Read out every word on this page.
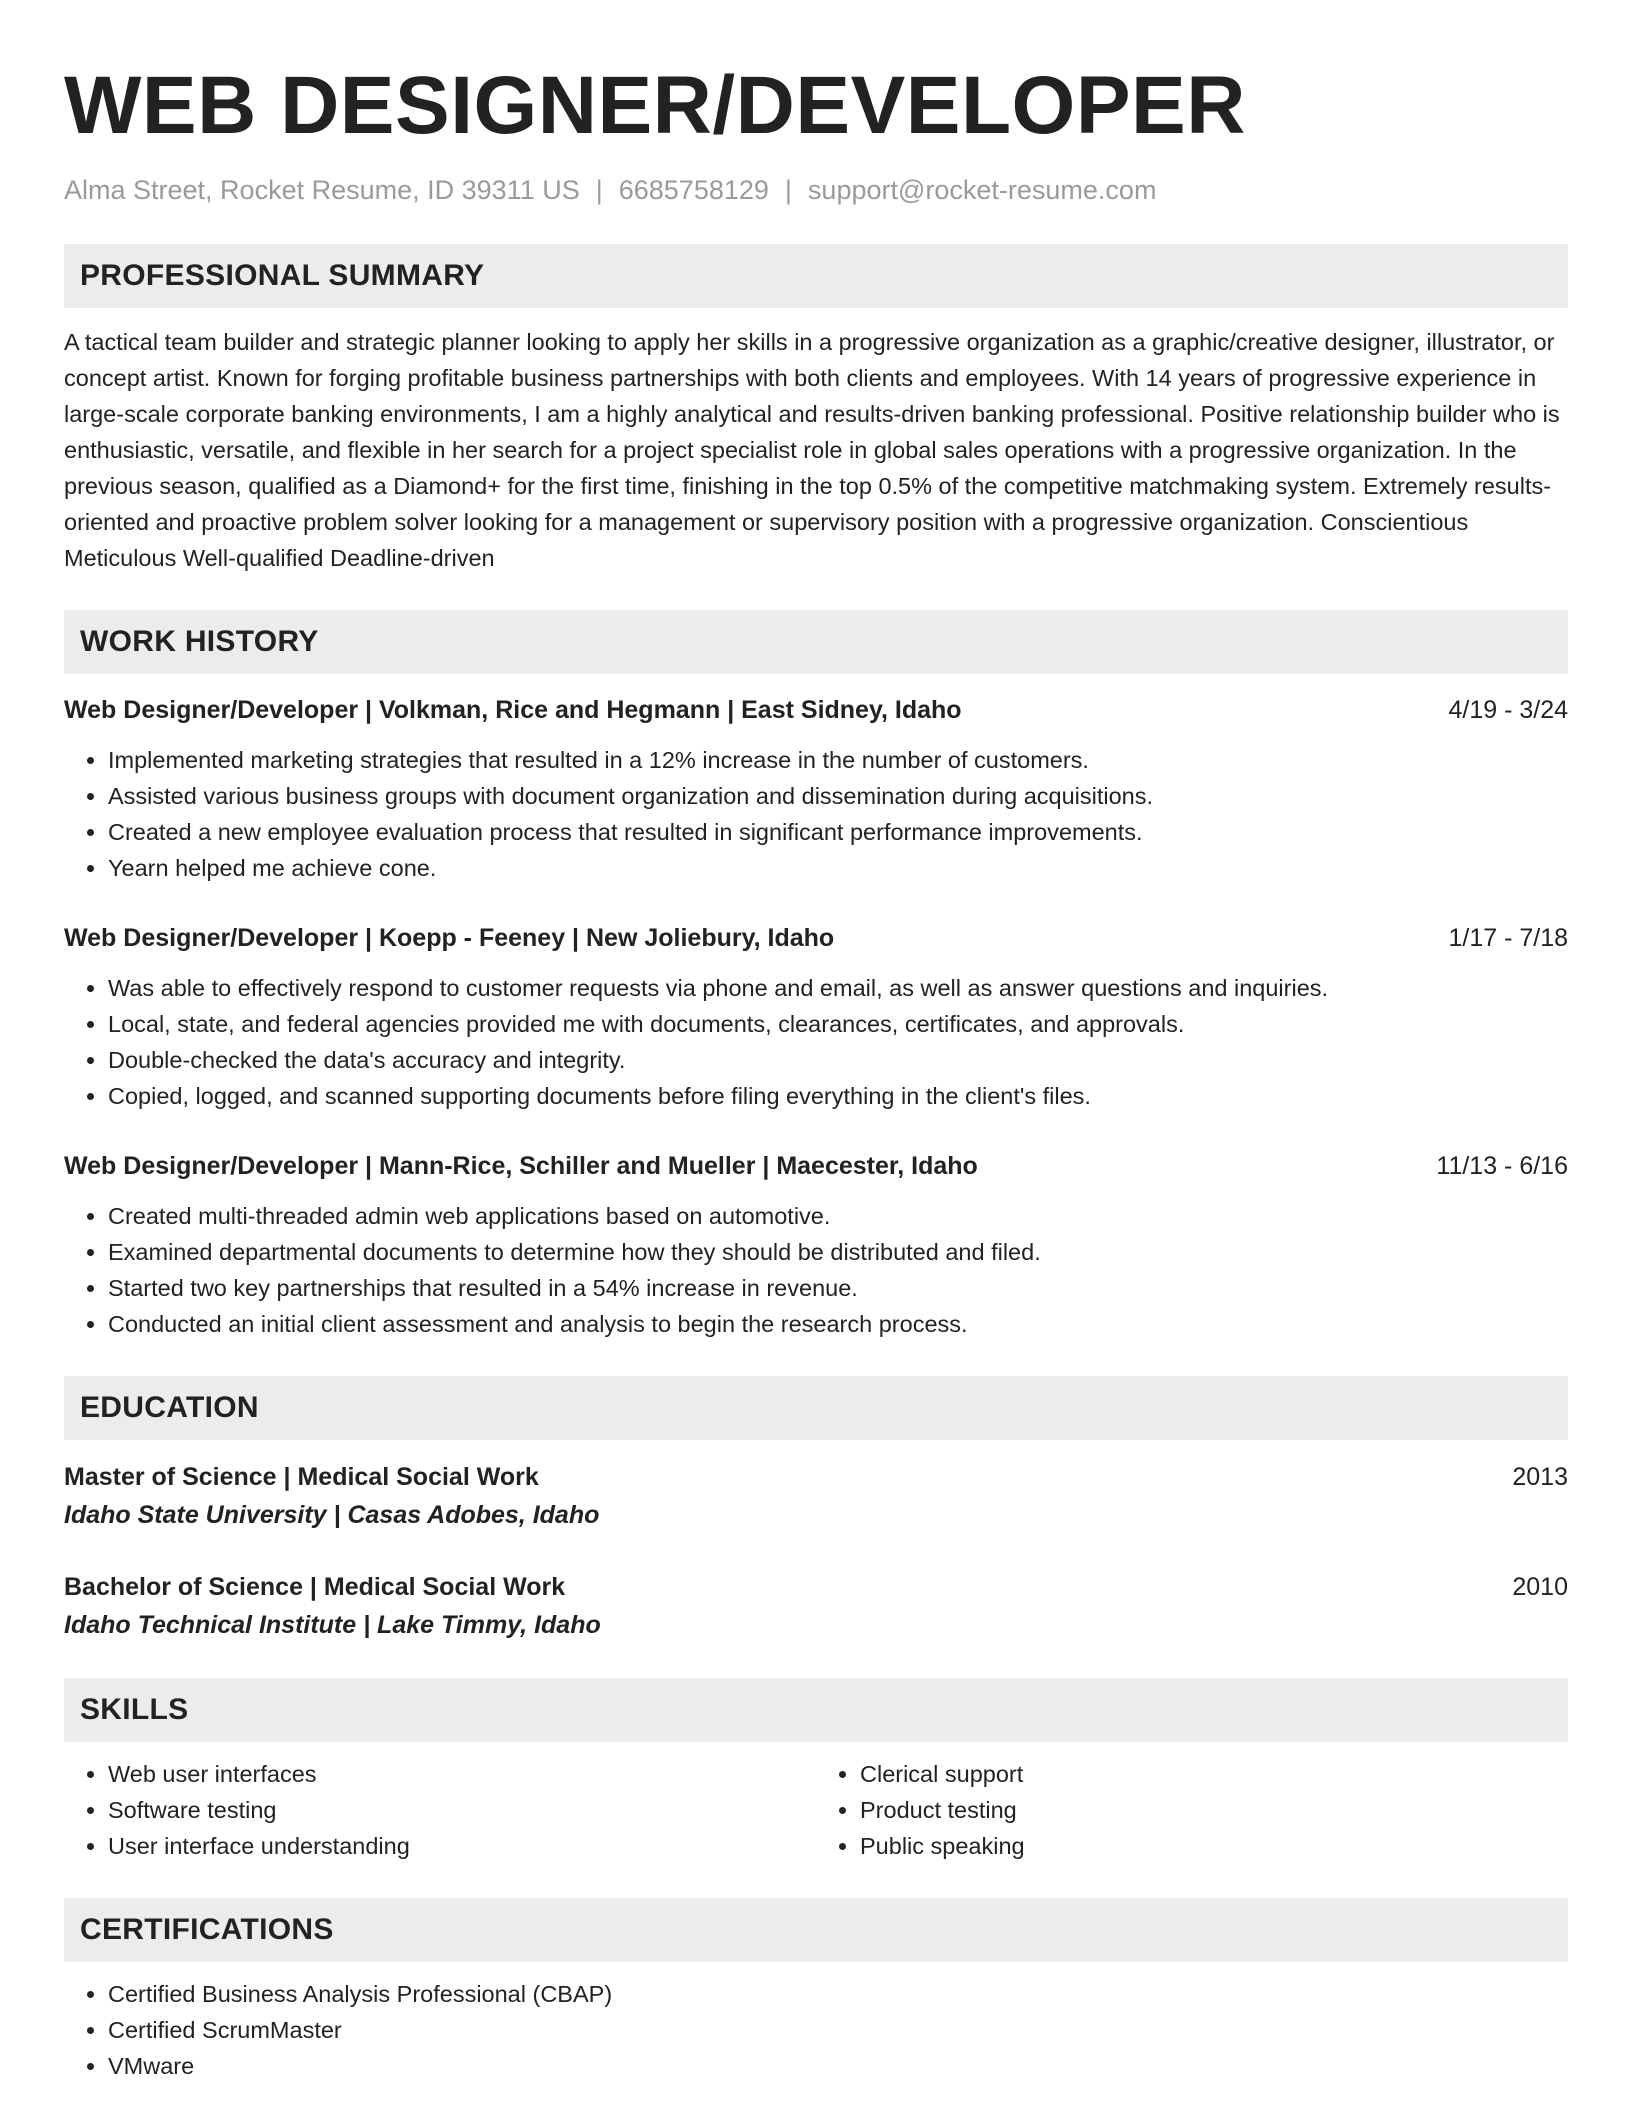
WEB DESIGNER/DEVELOPER
Alma Street, Rocket Resume, ID 39311 US | 6685758129 | support@rocket-resume.com
PROFESSIONAL SUMMARY

A tactical team builder and strategic planner looking to apply her skills in a progressive organization as a graphic/creative designer, illustrator, or concept artist. Known for forging profitable business partnerships with both clients and employees. With 14 years of progressive experience in large-scale corporate banking environments, I am a highly analytical and results-driven banking professional. Positive relationship builder who is enthusiastic, versatile, and flexible in her search for a project specialist role in global sales operations with a progressive organization. In the previous season, qualified as a Diamond+ for the first time, finishing in the top 0.5% of the competitive matchmaking system. Extremely results-oriented and proactive problem solver looking for a management or supervisory position with a progressive organization. Conscientious Meticulous Well-qualified Deadline-driven

WORK HISTORY
Web Designer/Developer | Volkman, Rice and Hegmann | East Sidney, Idaho	4/19 - 3/24
• Implemented marketing strategies that resulted in a 12% increase in the number of customers.
• Assisted various business groups with document organization and dissemination during acquisitions.
• Created a new employee evaluation process that resulted in significant performance improvements.
• Yearn helped me achieve cone.
Web Designer/Developer | Koepp - Feeney | New Joliebury, Idaho	1/17 - 7/18
• Was able to effectively respond to customer requests via phone and email, as well as answer questions and inquiries.
• Local, state, and federal agencies provided me with documents, clearances, certificates, and approvals.
• Double-checked the data's accuracy and integrity.
• Copied, logged, and scanned supporting documents before filing everything in the client's files.
Web Designer/Developer | Mann-Rice, Schiller and Mueller | Maecester, Idaho	11/13 - 6/16
• Created multi-threaded admin web applications based on automotive.
• Examined departmental documents to determine how they should be distributed and filed.
• Started two key partnerships that resulted in a 54% increase in revenue.
• Conducted an initial client assessment and analysis to begin the research process.
EDUCATION
Master of Science | Medical Social Work	2013
Idaho State University | Casas Adobes, Idaho
Bachelor of Science | Medical Social Work	2010
Idaho Technical Institute | Lake Timmy, Idaho
SKILLS
• Web user interfaces
• Software testing
• User interface understanding
• Clerical support
• Product testing
• Public speaking
CERTIFICATIONS
• Certified Business Analysis Professional (CBAP)
• Certified ScrumMaster
• VMware
